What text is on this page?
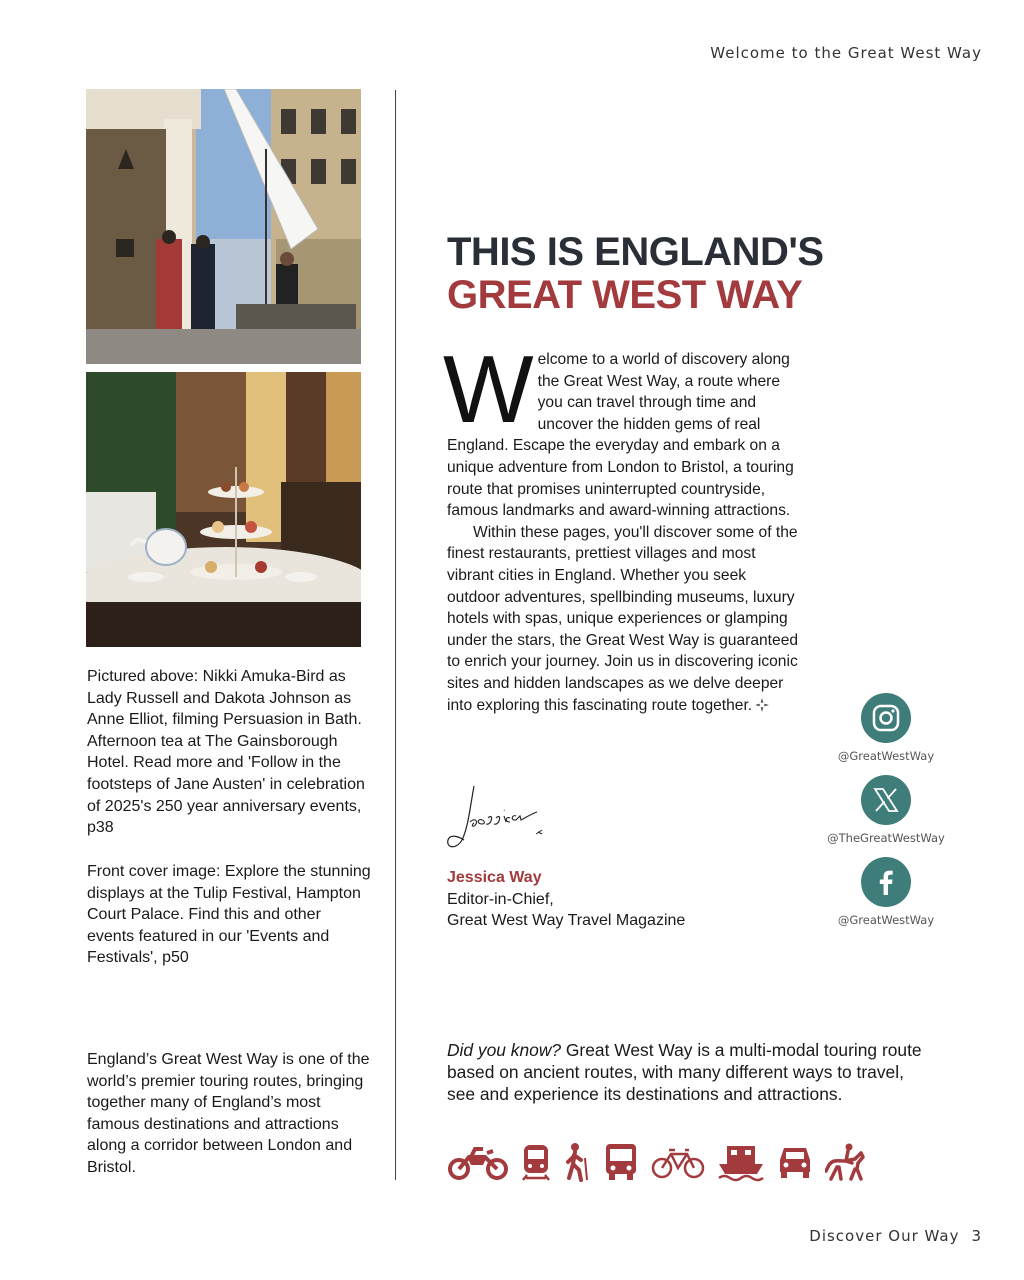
Welcome to the Great West Way
Pictured above: Nikki Amuka-Bird as Lady Russell and Dakota Johnson as Anne Elliot, filming Persuasion in Bath. Afternoon tea at The Gainsborough Hotel. Read more and 'Follow in the footsteps of Jane Austen' in celebration of 2025's 250 year anniversary events, p38
Front cover image: Explore the stunning displays at the Tulip Festival, Hampton Court Palace. Find this and other events featured in our 'Events and Festivals', p50
England’s Great West Way is one of the world’s premier touring routes, bringing together many of England’s most famous destinations and attractions along a corridor between London and Bristol.
THIS IS ENGLAND'S
GREAT WEST WAY

Welcome to a world of discovery along the Great West Way, a route where you can travel through time and uncover the hidden gems of real England. Escape the everyday and embark on a unique adventure from London to Bristol, a touring route that promises uninterrupted countryside, famous landmarks and award-winning attractions.

Within these pages, you'll discover some of the finest restaurants, prettiest villages and most vibrant cities in England. Whether you seek outdoor adventures, spellbinding museums, luxury hotels with spas, unique experiences or glamping under the stars, the Great West Way is guaranteed to enrich your journey. Join us in discovering iconic sites and hidden landscapes as we delve deeper into exploring this fascinating route together.

Jessica Way
Editor-in-Chief,
Great West Way Travel Magazine
@GreatWestWay
@TheGreatWestWay
@GreatWestWay
Did you know? Great West Way is a multi-modal touring route based on ancient routes, with many different ways to travel, see and experience its destinations and attractions.
Discover Our Way 3
